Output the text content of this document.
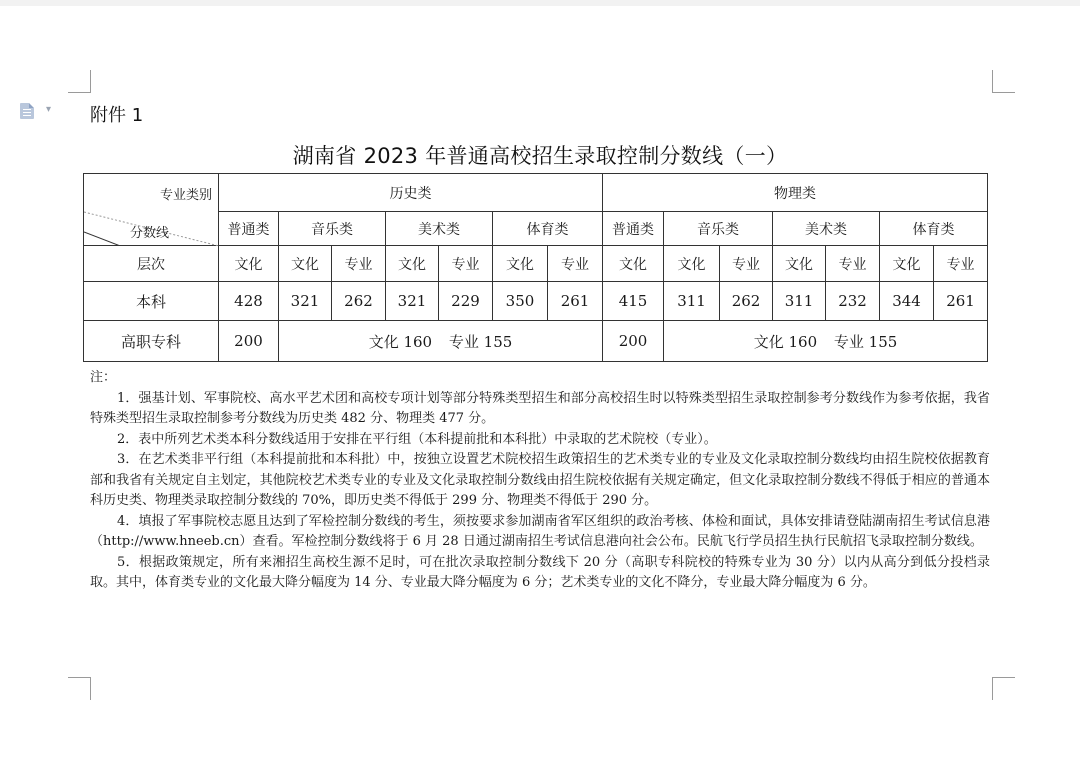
▾ 附件 1
湖南省 2023 年普通高校招生录取控制分数线（一）
专业类别
分数线	历史类							物理类						
	普通类	音乐类		美术类		体育类		普通类	音乐类		美术类		体育类	
层次	文化	文化	专业	文化	专业	文化	专业	文化	文化	专业	文化	专业	文化	专业
本科	428	321	262	321	229	350	261	415	311	262	311	232	344	261
高职专科	200	文化 160 专业 155						200	文化 160 专业 155					
注：

1．强基计划、军事院校、高水平艺术团和高校专项计划等部分特殊类型招生和部分高校招生时以特殊类型招生录取控制参考分数线作为参考依据，我省特殊类型招生录取控制参考分数线为历史类 482 分、物理类 477 分。

2．表中所列艺术类本科分数线适用于安排在平行组（本科提前批和本科批）中录取的艺术院校（专业）。

3．在艺术类非平行组（本科提前批和本科批）中，按独立设置艺术院校招生政策招生的艺术类专业的专业及文化录取控制分数线均由招生院校依据教育部和我省有关规定自主划定，其他院校艺术类专业的专业及文化录取控制分数线由招生院校依据有关规定确定，但文化录取控制分数线不得低于相应的普通本科历史类、物理类录取控制分数线的 70%，即历史类不得低于 299 分、物理类不得低于 290 分。

4．填报了军事院校志愿且达到了军检控制分数线的考生，须按要求参加湖南省军区组织的政治考核、体检和面试，具体安排请登陆湖南招生考试信息港（http://www.hneeb.cn）查看。军检控制分数线将于 6 月 28 日通过湖南招生考试信息港向社会公布。民航飞行学员招生执行民航招飞录取控制分数线。

5．根据政策规定，所有来湘招生高校生源不足时，可在批次录取控制分数线下 20 分（高职专科院校的特殊专业为 30 分）以内从高分到低分投档录取。其中，体育类专业的文化最大降分幅度为 14 分、专业最大降分幅度为 6 分；艺术类专业的文化不降分，专业最大降分幅度为 6 分。
